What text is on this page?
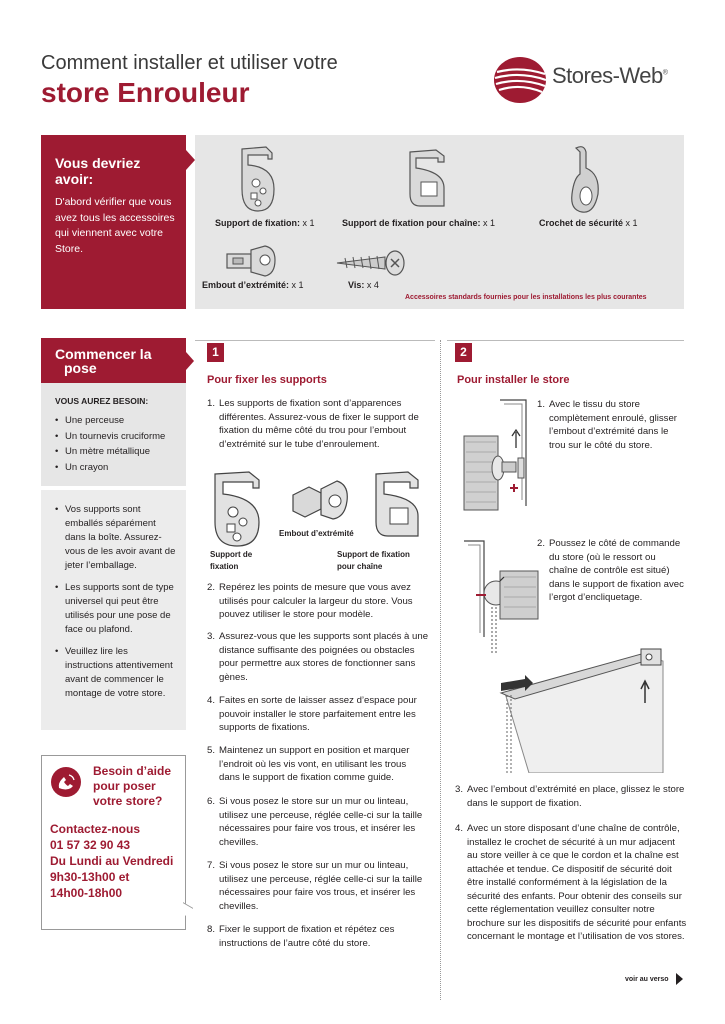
Comment installer et utiliser votre
store Enrouleur
Stores-Web®
Vous devriez avoir:
D'abord vérifier que vous avez tous les accessoires qui viennent avec votre Store.
Support de fixation: x 1	Support de fixation pour chaîne: x 1	Crochet de sécurité x 1
Embout d’extrémité: x 1	Vis: x 4
Accessoires standards fournies pour les installations les plus courantes
Commencer la
pose
VOUS AUREZ BESOIN:
• Une perceuse
• Un tournevis cruciforme
• Un mètre métallique
• Un crayon
• Vos supports sont emballés séparément dans la boîte. Assurez-vous de les avoir avant de jeter l’emballage.
• Les supports sont de type universel qui peut être utilisés pour une pose de face ou plafond.
• Veuillez lire les instructions attentivement avant de commencer le montage de votre store.
Besoin d’aide pour poser votre store?
Contactez-nous
01 57 32 90 43
Du Lundi au Vendredi
9h30-13h00 et
14h00-18h00
1
Pour fixer les supports
1. Les supports de fixation sont d’apparences différentes. Assurez-vous de fixer le support de fixation du même côté du trou pour l’embout d’extrémité sur le tube d’enroulement.
Embout d’extrémité
Support de fixation
Support de fixation pour chaîne
2. Repérez les points de mesure que vous avez utilisés pour calculer la largeur du store. Vous pouvez utiliser le store pour modèle.
3. Assurez-vous que les supports sont placés à une distance suffisante des poignées ou obstacles pour permettre aux stores de fonctionner sans gènes.
4. Faites en sorte de laisser assez d’espace pour pouvoir installer le store parfaitement entre les supports de fixations.
5. Maintenez un support en position et marquer l’endroit où les vis vont, en utilisant les trous dans le support de fixation comme guide.
6. Si vous posez le store sur un mur ou linteau, utilisez une perceuse, réglée celle-ci sur la taille nécessaires pour faire vos trous, et insérer les chevilles.
7. Si vous posez le store sur un mur ou linteau, utilisez une perceuse, réglée celle-ci sur la taille nécessaires pour faire vos trous, et insérer les chevilles.
8. Fixer le support de fixation et répétez ces instructions de l’autre côté du store.
2
Pour installer le store
1. Avec le tissu du store complètement enroulé, glisser l’embout d’extrémité dans le trou sur le côté du store.
2. Poussez le côté de commande du store (où le ressort ou chaîne de contrôle est situé) dans le support de fixation avec l’ergot d’encliquetage.
3. Avec l’embout d’extrémité en place, glissez le store dans le support de fixation.
4. Avec un store disposant d’une chaîne de contrôle, installez le crochet de sécurité à un mur adjacent au store veiller à ce que le cordon et la chaîne est attachée et tendue. Ce dispositif de sécurité doit être installé conformément à la législation de la sécurité des enfants. Pour obtenir des conseils sur cette réglementation veuillez consulter notre brochure sur les dispositifs de sécurité pour enfants concernant le montage et l’utilisation de vos stores.
voir au verso
